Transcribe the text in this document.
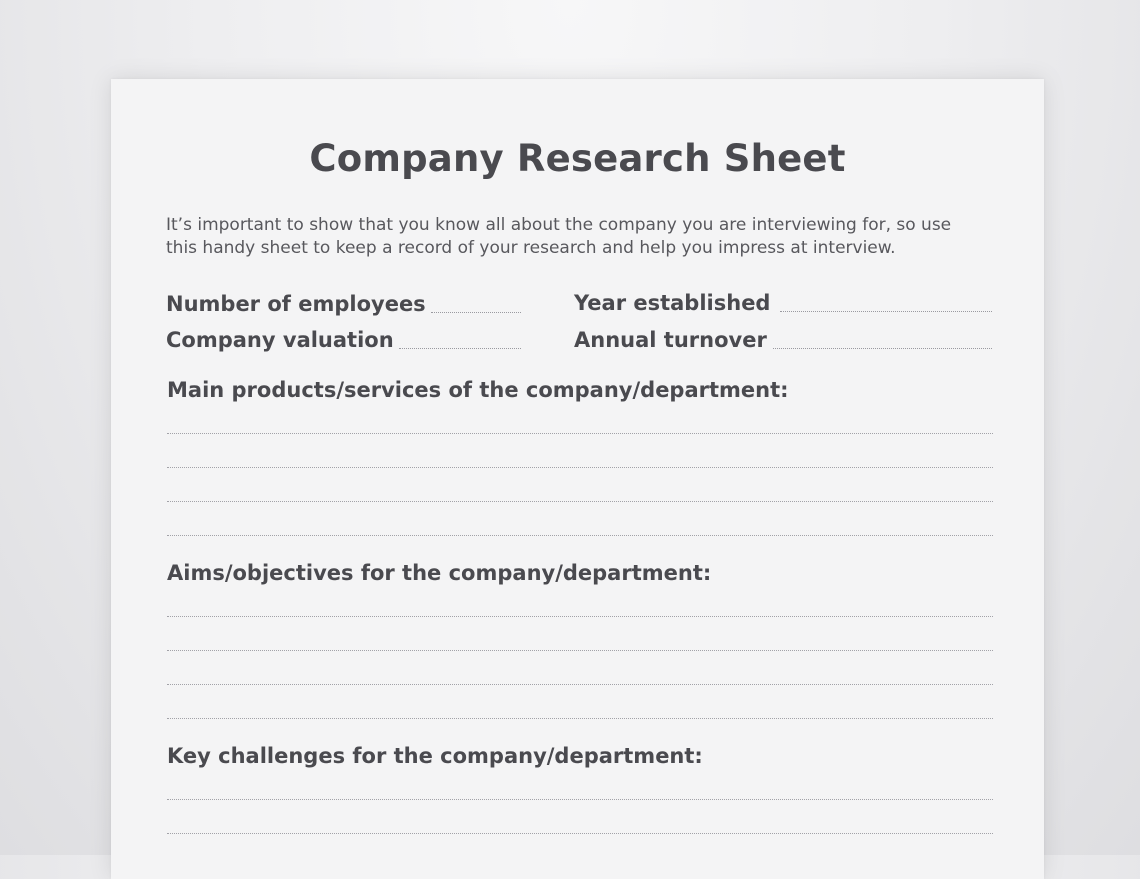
Company Research Sheet

It’s important to show that you know all about the company you are interviewing for, so use this handy sheet to keep a record of your research and help you impress at interview.

Number of employees
Company valuation
Year established
Annual turnover
Main products/services of the company/department:
Aims/objectives for the company/department:
Key challenges for the company/department:
